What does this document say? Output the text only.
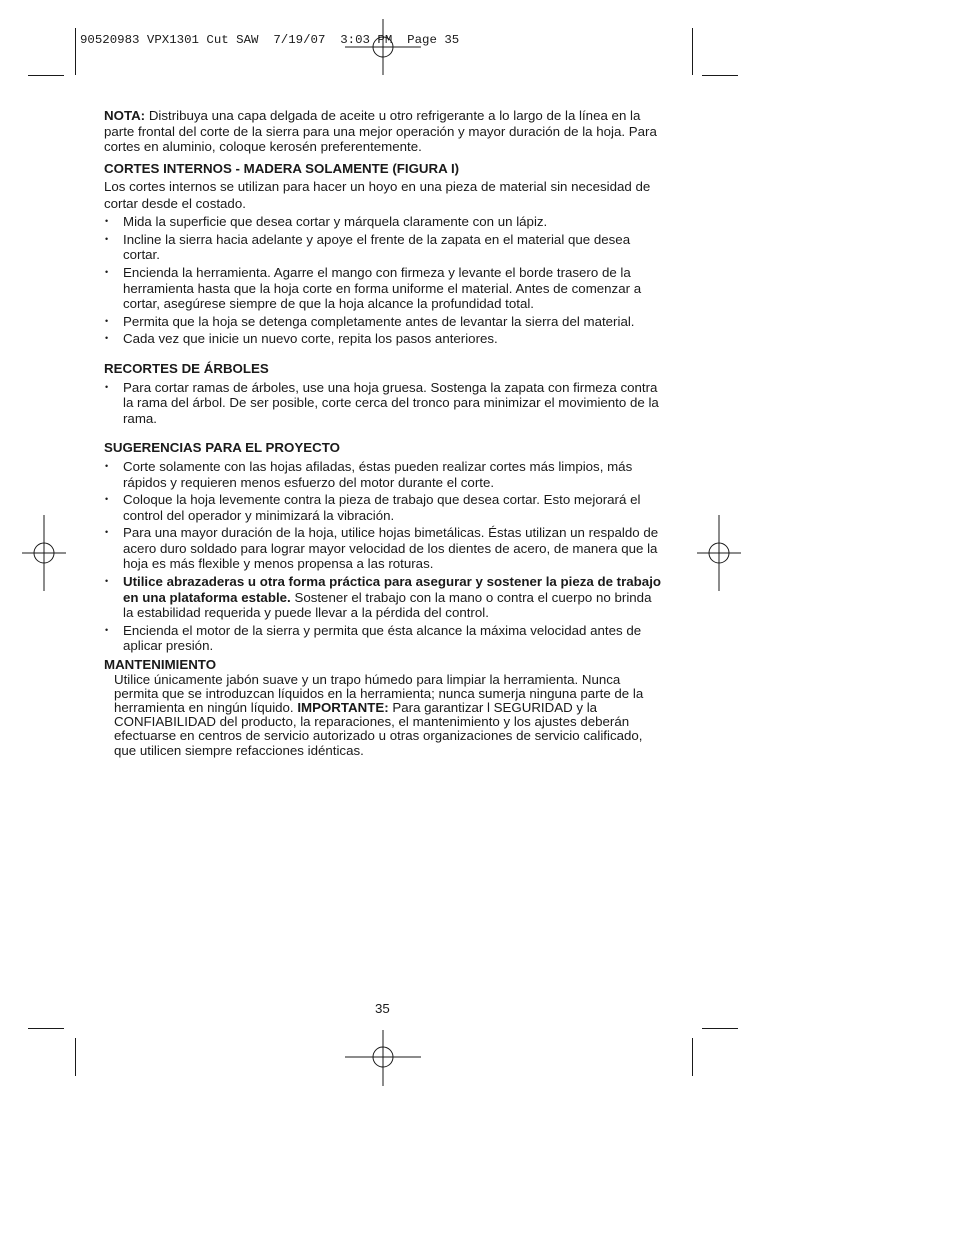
90520983 VPX1301 Cut SAW  7/19/07  3:03 PM  Page 35

NOTA: Distribuya una capa delgada de aceite u otro refrigerante a lo largo de la línea en la parte frontal del corte de la sierra para una mejor operación y mayor duración de la hoja. Para cortes en aluminio, coloque kerosén preferentemente.

CORTES INTERNOS - MADERA SOLAMENTE (FIGURA I)

Los cortes internos se utilizan para hacer un hoyo en una pieza de material sin necesidad de cortar desde el costado.

• Mida la superficie que desea cortar y márquela claramente con un lápiz.
• Incline la sierra hacia adelante y apoye el frente de la zapata en el material que desea cortar.
• Encienda la herramienta. Agarre el mango con firmeza y levante el borde trasero de la herramienta hasta que la hoja corte en forma uniforme el material. Antes de comenzar a cortar, asegúrese siempre de que la hoja alcance la profundidad total.
• Permita que la hoja se detenga completamente antes de levantar la sierra del material.
• Cada vez que inicie un nuevo corte, repita los pasos anteriores.
RECORTES DE ÁRBOLES
• Para cortar ramas de árboles, use una hoja gruesa. Sostenga la zapata con firmeza contra la rama del árbol. De ser posible, corte cerca del tronco para minimizar el movimiento de la rama.
SUGERENCIAS PARA EL PROYECTO
• Corte solamente con las hojas afiladas, éstas pueden realizar cortes más limpios, más rápidos y requieren menos esfuerzo del motor durante el corte.
• Coloque la hoja levemente contra la pieza de trabajo que desea cortar. Esto mejorará el control del operador y minimizará la vibración.
• Para una mayor duración de la hoja, utilice hojas bimetálicas. Éstas utilizan un respaldo de acero duro soldado para lograr mayor velocidad de los dientes de acero, de manera que la hoja es más flexible y menos propensa a las roturas.
• Utilice abrazaderas u otra forma práctica para asegurar y sostener la pieza de trabajo en una plataforma estable. Sostener el trabajo con la mano o contra el cuerpo no brinda la estabilidad requerida y puede llevar a la pérdida del control.
• Encienda el motor de la sierra y permita que ésta alcance la máxima velocidad antes de aplicar presión.
MANTENIMIENTO

Utilice únicamente jabón suave y un trapo húmedo para limpiar la herramienta. Nunca permita que se introduzcan líquidos en la herramienta; nunca sumerja ninguna parte de la herramienta en ningún líquido. IMPORTANTE: Para garantizar l SEGURIDAD y la CONFIABILIDAD del producto, la reparaciones, el mantenimiento y los ajustes deberán efectuarse en centros de servicio autorizado u otras organizaciones de servicio calificado, que utilicen siempre refacciones idénticas.

35
